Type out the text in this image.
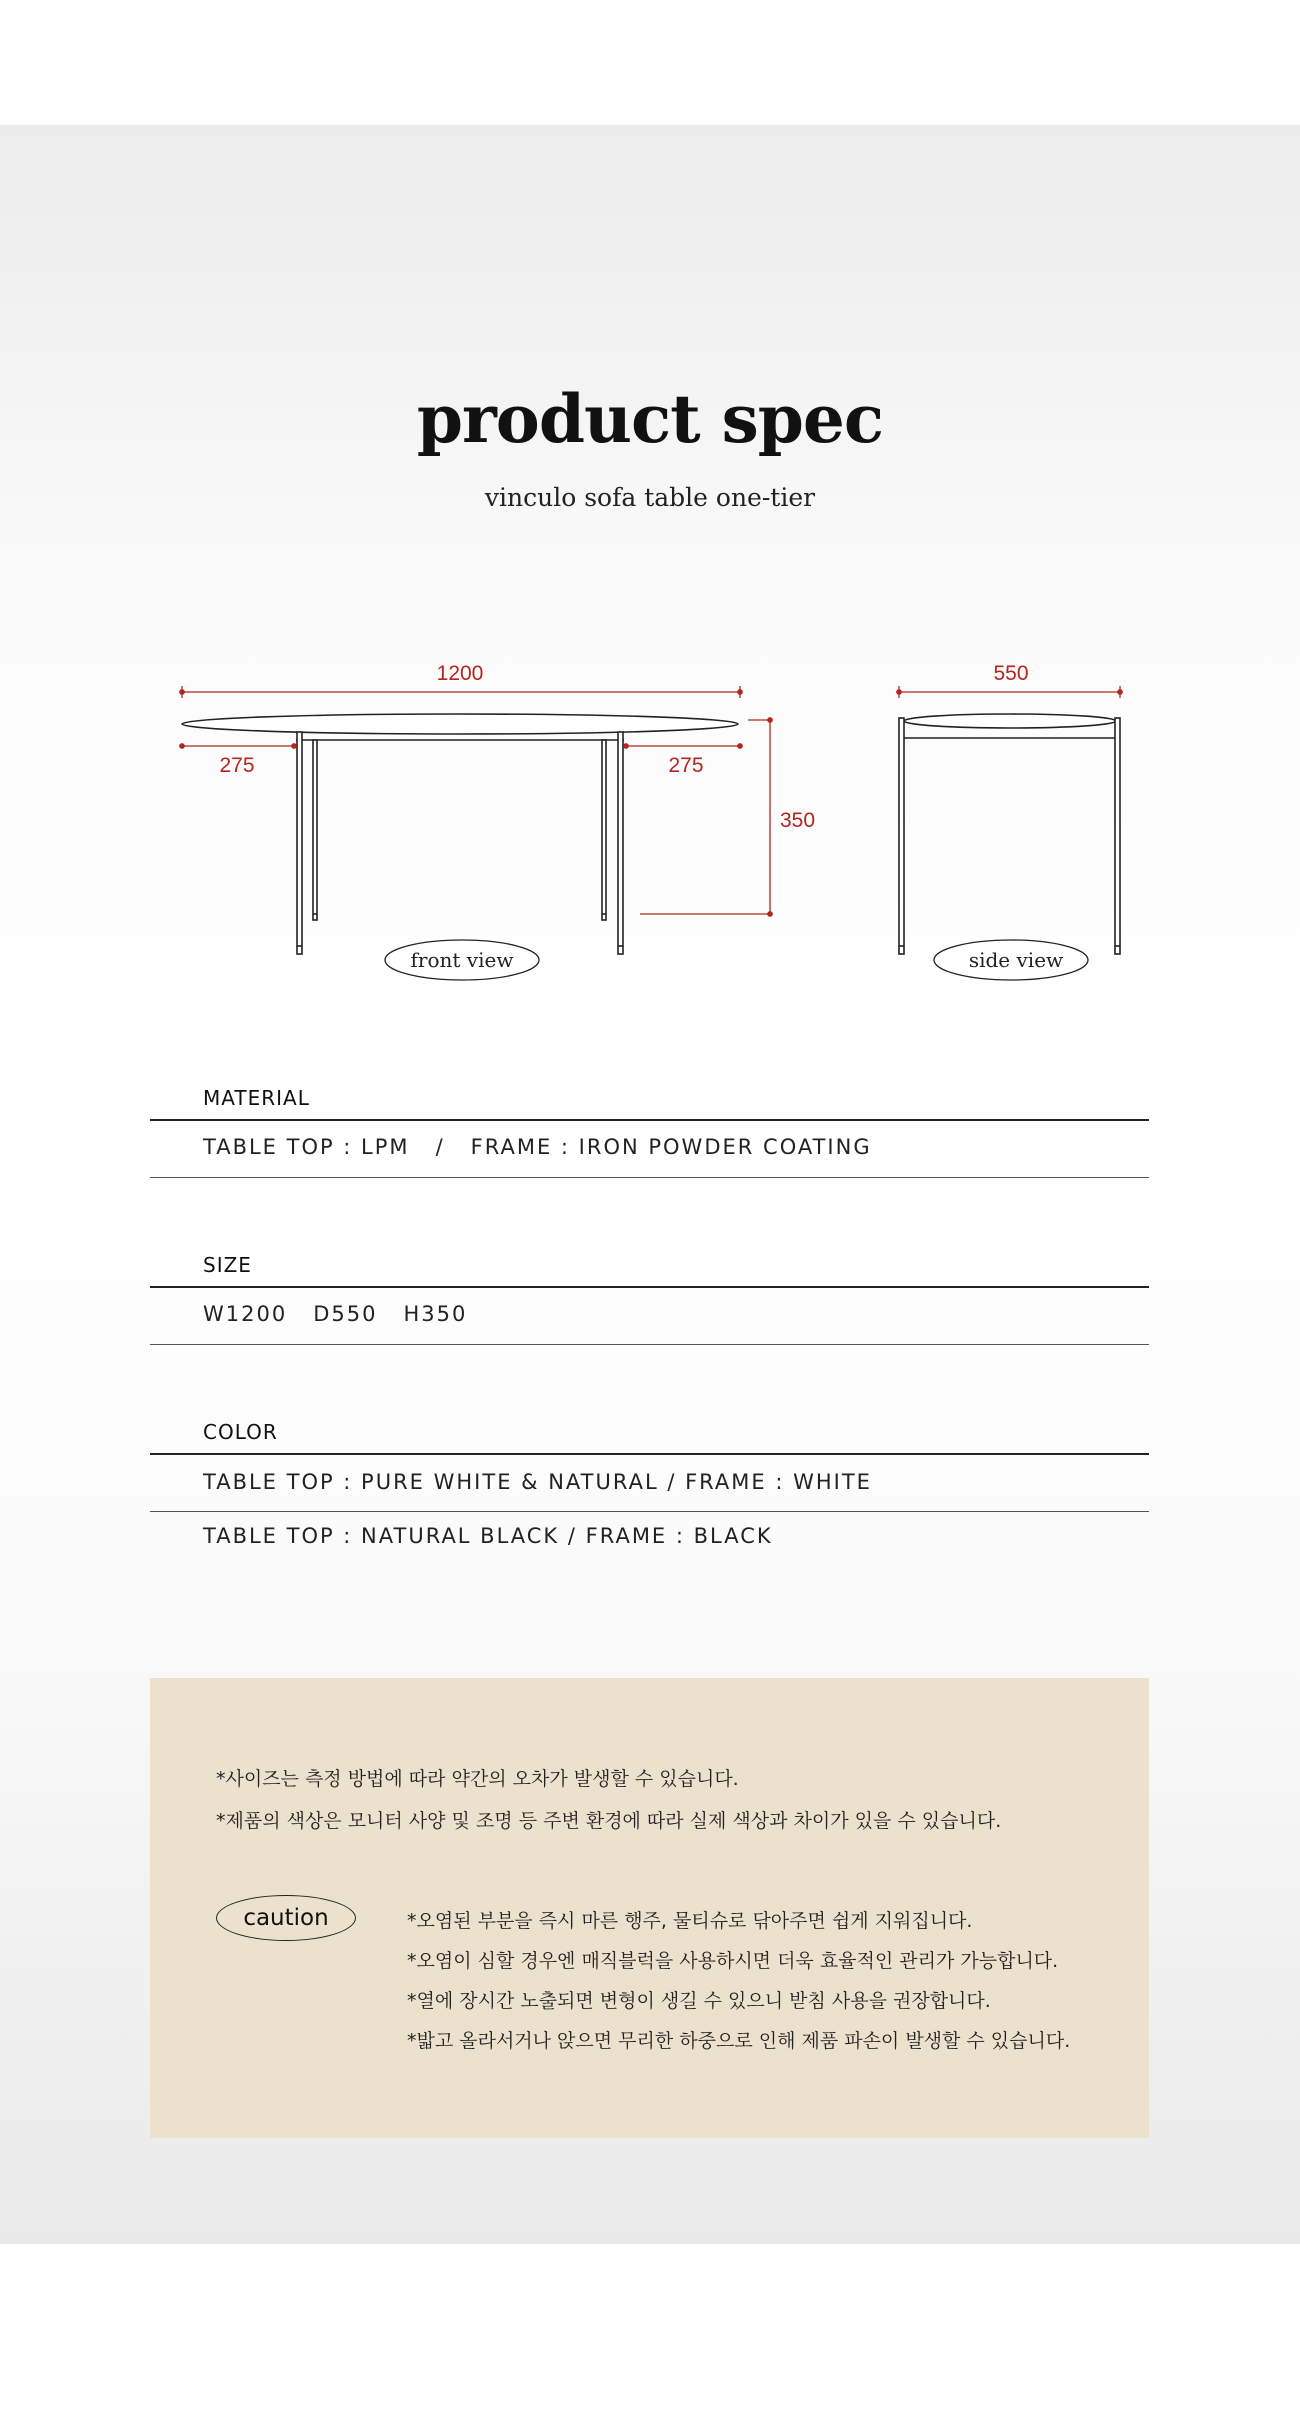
product spec
vinculo sofa table one-tier
1200
275	275
350
front view
550
side view
MATERIAL
TABLE TOP : LPM   /   FRAME : IRON POWDER COATING
SIZE
W1200   D550   H350
COLOR
TABLE TOP : PURE WHITE & NATURAL / FRAME : WHITE
TABLE TOP : NATURAL BLACK / FRAME : BLACK
*사이즈는 측정 방법에 따라 약간의 오차가 발생할 수 있습니다.
*제품의 색상은 모니터 사양 및 조명 등 주변 환경에 따라 실제 색상과 차이가 있을 수 있습니다.
caution	*오염된 부분을 즉시 마른 행주, 물티슈로 닦아주면 쉽게 지워집니다.
*오염이 심할 경우엔 매직블럭을 사용하시면 더욱 효율적인 관리가 가능합니다.
*열에 장시간 노출되면 변형이 생길 수 있으니 받침 사용을 권장합니다.
*밟고 올라서거나 앉으면 무리한 하중으로 인해 제품 파손이 발생할 수 있습니다.
